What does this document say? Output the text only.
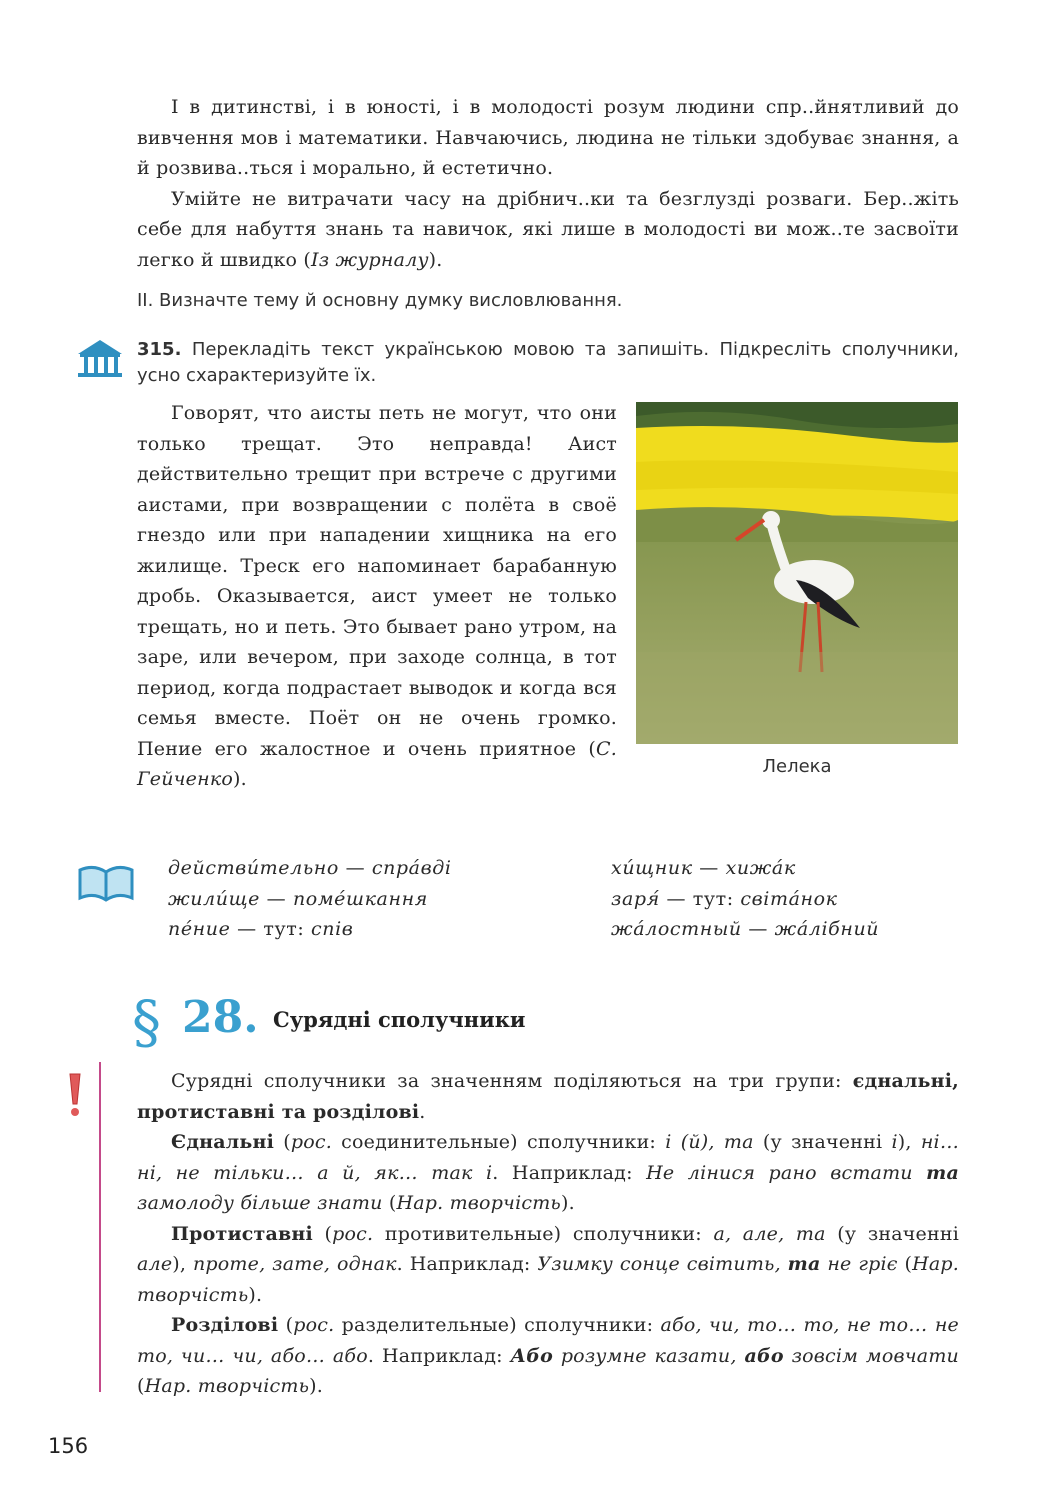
І в дитинстві, і в юності, і в молодості розум людини спр..йнятливий до вивчення мов і математики. Навчаючись, людина не тільки здобуває знання, а й розвива..ться і морально, й естетично.

Умійте не витрачати часу на дрібнич..ки та безглузді розваги. Бер..жіть себе для набуття знань та навичок, які лише в молодості ви мож..те засвоїти легко й швидко (Із журналу).

ІІ. Визначте тему й основну думку висловлювання.
315. Перекладіть текст українською мовою та запишіть. Підкресліть сполучники, усно схарактеризуйте їх.
Говорят, что аисты петь не могут, что они только трещат. Это неправда! Аист действительно трещит при встрече с другими аистами, при возвращении с полёта в своё гнездо или при нападении хищника на его жилище. Треск его напоминает барабанную дробь. Оказывается, аист умеет не только трещать, но и петь. Это бывает рано утром, на заре, или вечером, при заходе солнца, в тот период, когда подрастает выводок и когда вся семья вместе. Поёт он не очень громко. Пение его жалостное и очень приятное (С. Гейченко).
Лелека
действи́тельно — спра́вді
жили́ще — поме́шкання
пе́ние — тут: спів
хи́щник — хижа́к
заря́ — тут: світа́нок
жа́лостный — жа́лібний
§ 28. Сурядні сполучники

Сурядні сполучники за значенням поділяються на три групи: єднальні, протиставні та розділові.

Єднальні (рос. соединительные) сполучники: і (й), та (у значенні і), ні… ні, не тільки… а й, як… так і. Наприклад: Не лінися рано встати та замолоду більше знати (Нар. творчість).

Протиставні (рос. противительные) сполучники: а, але, та (у значенні але), проте, зате, однак. Наприклад: Узимку сонце світить, та не гріє (Нар. творчість).

Розділові (рос. разделительные) сполучники: або, чи, то… то, не то… не то, чи… чи, або… або. Наприклад: Або розумне казати, або зовсім мовчати (Нар. творчість).

156
